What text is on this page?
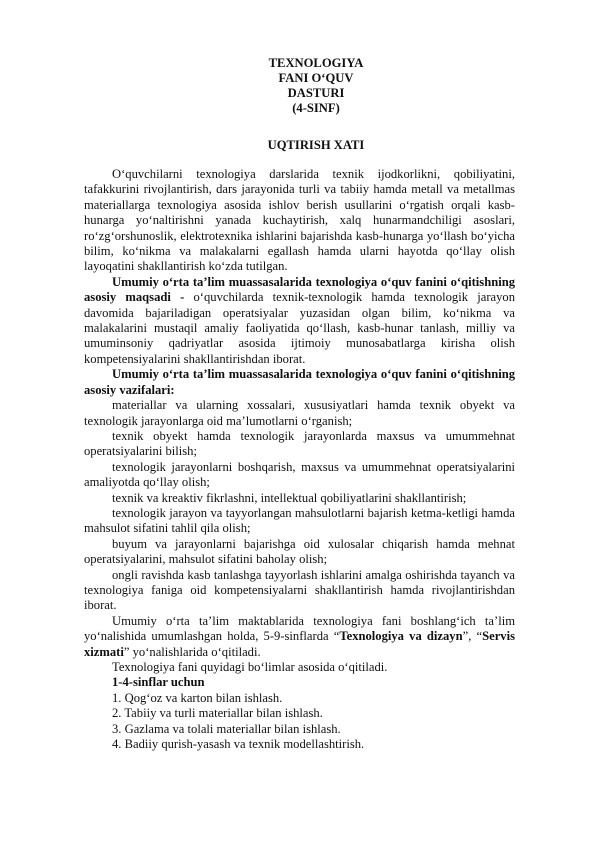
TEXNOLOGIYA
FANI O‘QUV
DASTURI
(4-SINF)
UQTIRISH XATI

O‘quvchilarni texnologiya darslarida texnik ijodkorlikni, qobiliyatini, tafakkurini rivojlantirish, dars jarayonida turli va tabiiy hamda metall va metallmas materiallarga texnologiya asosida ishlov berish usullarini o‘rgatish orqali kasb-hunarga yo‘naltirishni yanada kuchaytirish, xalq hunarmandchiligi asoslari, ro‘zg‘orshunoslik, elektrotexnika ishlarini bajarishda kasb-hunarga yo‘llash bo‘yicha bilim, ko‘nikma va malakalarni egallash hamda ularni hayotda qo‘llay olish layoqatini shakllantirish ko‘zda tutilgan.

Umumiy o‘rta ta’lim muassasalarida texnologiya o‘quv fanini o‘qitishning asosiy maqsadi - o‘quvchilarda texnik-texnologik hamda texnologik jarayon davomida bajariladigan operatsiyalar yuzasidan olgan bilim, ko‘nikma va malakalarini mustaqil amaliy faoliyatida qo‘llash, kasb-hunar tanlash, milliy va umuminsoniy qadriyatlar asosida ijtimoiy munosabatlarga kirisha olish kompetensiyalarini shakllantirishdan iborat.

Umumiy o‘rta ta’lim muassasalarida texnologiya o‘quv fanini o‘qitishning asosiy vazifalari:

materiallar va ularning xossalari, xususiyatlari hamda texnik obyekt va texnologik jarayonlarga oid ma’lumotlarni o‘rganish;

texnik obyekt hamda texnologik jarayonlarda maxsus va umummehnat operatsiyalarini bilish;

texnologik jarayonlarni boshqarish, maxsus va umummehnat operatsiyalarini amaliyotda qo‘llay olish;

texnik va kreaktiv fikrlashni, intellektual qobiliyatlarini shakllantirish;

texnologik jarayon va tayyorlangan mahsulotlarni bajarish ketma-ketligi hamda mahsulot sifatini tahlil qila olish;

buyum va jarayonlarni bajarishga oid xulosalar chiqarish hamda mehnat operatsiyalarini, mahsulot sifatini baholay olish;

ongli ravishda kasb tanlashga tayyorlash ishlarini amalga oshirishda tayanch va texnologiya faniga oid kompetensiyalarni shakllantirish hamda rivojlantirishdan iborat.

Umumiy o‘rta ta’lim maktablarida texnologiya fani boshlang‘ich ta’lim yo‘nalishida umumlashgan holda, 5-9-sinflarda “Texnologiya va dizayn”, “Servis xizmati” yo‘nalishlarida o‘qitiladi.

Texnologiya fani quyidagi bo‘limlar asosida o‘qitiladi.

1-4-sinflar uchun

1. Qog‘oz va karton bilan ishlash.

2. Tabiiy va turli materiallar bilan ishlash.

3. Gazlama va tolali materiallar bilan ishlash.

4. Badiiy qurish-yasash va texnik modellashtirish.
